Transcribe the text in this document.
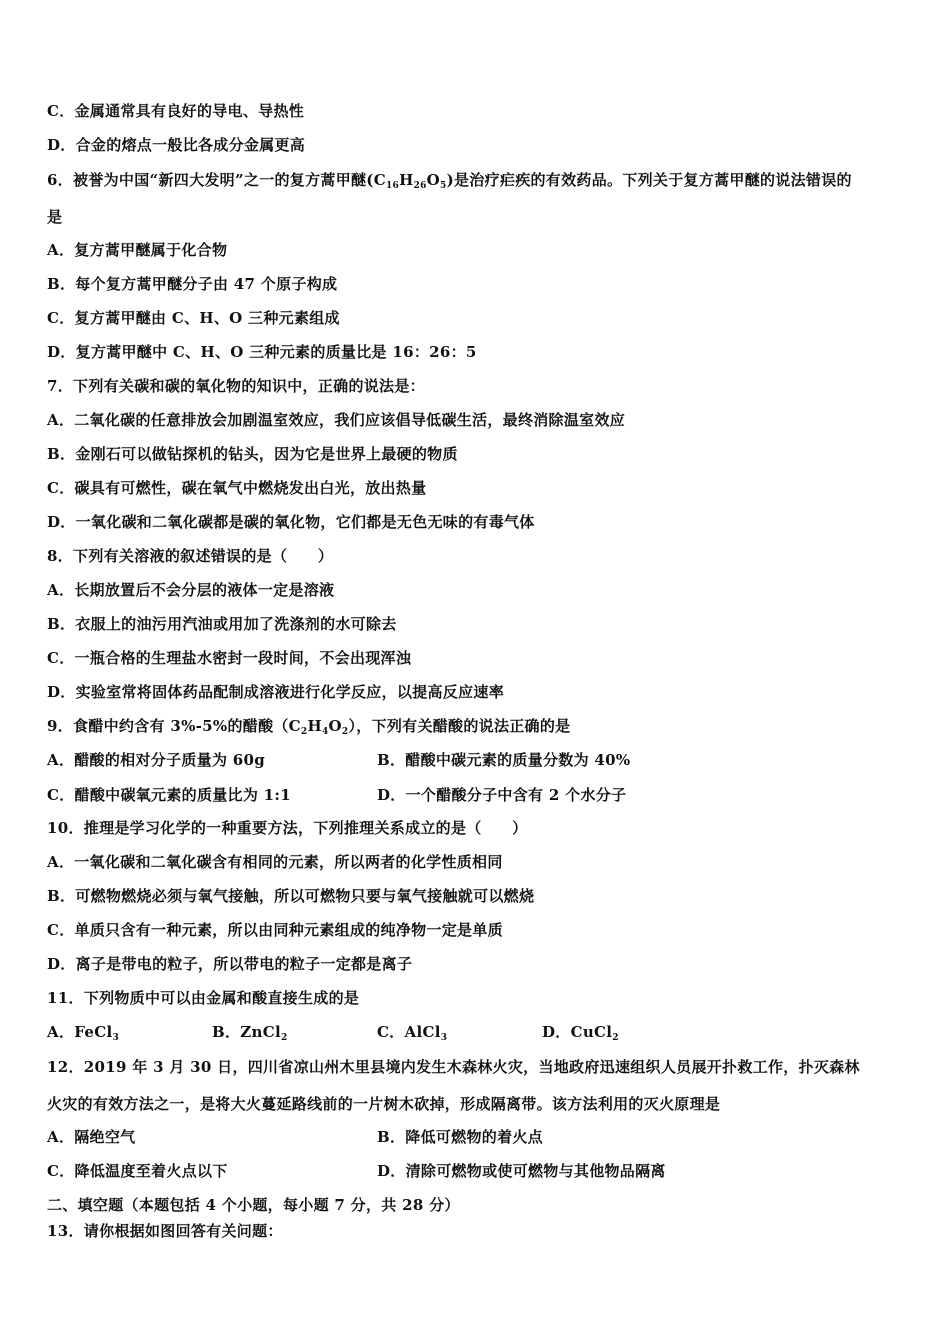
C．金属通常具有良好的导电、导热性
D．合金的熔点一般比各成分金属更高
6．被誉为中国“新四大发明”之一的复方蒿甲醚$(C_{16}H_{26}O_5)$是治疗疟疾的有效药品。下列关于复方蒿甲醚的说法错误的
是
A．复方蒿甲醚属于化合物
B．每个复方蒿甲醚分子由 47 个原子构成
C．复方蒿甲醚由 C、H、O 三种元素组成
D．复方蒿甲醚中 C、H、O 三种元素的质量比是 16：26：5
7．下列有关碳和碳的氧化物的知识中，正确的说法是：
A．二氧化碳的任意排放会加剧温室效应，我们应该倡导低碳生活，最终消除温室效应
B．金刚石可以做钻探机的钻头，因为它是世界上最硬的物质
C．碳具有可燃性，碳在氧气中燃烧发出白光，放出热量
D．一氧化碳和二氧化碳都是碳的氧化物，它们都是无色无味的有毒气体
8．下列有关溶液的叙述错误的是（　　）
A．长期放置后不会分层的液体一定是溶液
B．衣服上的油污用汽油或用加了洗涤剂的水可除去
C．一瓶合格的生理盐水密封一段时间，不会出现浑浊
D．实验室常将固体药品配制成溶液进行化学反应，以提高反应速率
9．食醋中约含有 3%-5%的醋酸$(C_2H_4O_2)$，下列有关醋酸的说法正确的是
A．醋酸的相对分子质量为 60g	B．醋酸中碳元素的质量分数为 40%
C．醋酸中碳氧元素的质量比为 1:1	D．一个醋酸分子中含有 2 个水分子
10．推理是学习化学的一种重要方法，下列推理关系成立的是（　　）
A．一氧化碳和二氧化碳含有相同的元素，所以两者的化学性质相同
B．可燃物燃烧必须与氧气接触，所以可燃物只要与氧气接触就可以燃烧
C．单质只含有一种元素，所以由同种元素组成的纯净物一定是单质
D．离子是带电的粒子，所以带电的粒子一定都是离子
11．下列物质中可以由金属和酸直接生成的是
A．FeCl$_3$	B．ZnCl$_2$	C．AlCl$_3$	D．CuCl$_2$
12．2019 年 3 月 30 日，四川省凉山州木里县境内发生木森林火灾，当地政府迅速组织人员展开扑救工作，扑灭森林
火灾的有效方法之一，是将大火蔓延路线前的一片树木砍掉，形成隔离带。该方法利用的灭火原理是
A．隔绝空气	B．降低可燃物的着火点
C．降低温度至着火点以下	D．清除可燃物或使可燃物与其他物品隔离
二、填空题（本题包括 4 个小题，每小题 7 分，共 28 分）
13．请你根据如图回答有关问题：
